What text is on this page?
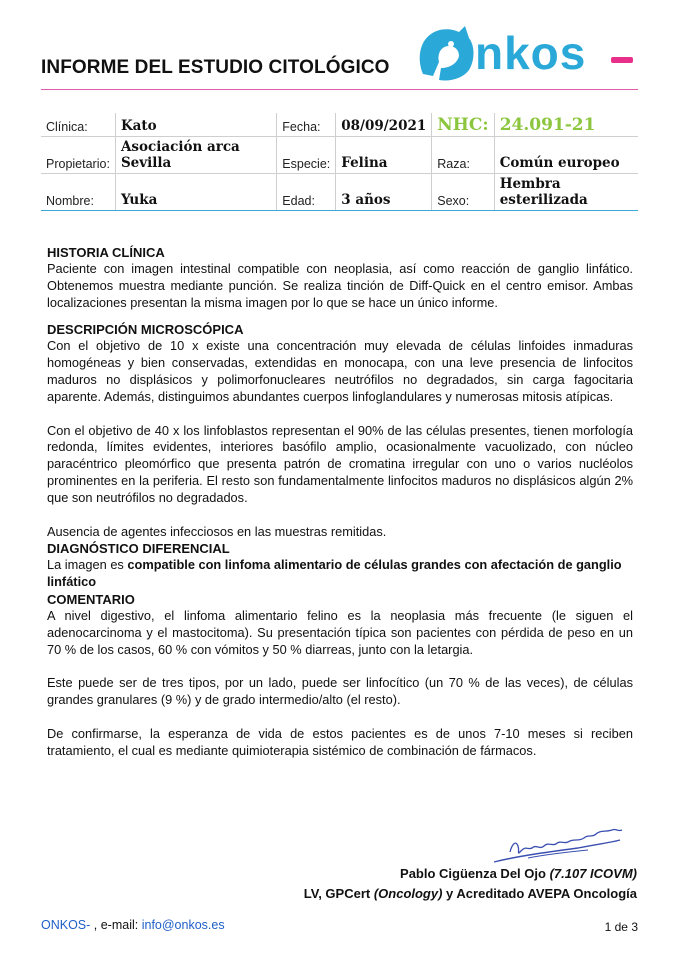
INFORME DEL ESTUDIO CITOLÓGICO nkos
Clínica:	Kato	Fecha:	08/09/2021	NHC:	24.091-21
Propietario:	Asociación arca Sevilla	Especie:	Felina	Raza:	Común europeo
Nombre:	Yuka	Edad:	3 años	Sexo:	Hembra esterilizada
HISTORIA CLÍNICA

Paciente con imagen intestinal compatible con neoplasia, así como reacción de ganglio linfático. Obtenemos muestra mediante punción. Se realiza tinción de Diff-Quick en el centro emisor. Ambas localizaciones presentan la misma imagen por lo que se hace un único informe.

DESCRIPCIÓN MICROSCÓPICA

Con el objetivo de 10 x existe una concentración muy elevada de células linfoides inmaduras homogéneas y bien conservadas, extendidas en monocapa, con una leve presencia de linfocitos maduros no displásicos y polimorfonucleares neutrófilos no degradados, sin carga fagocitaria aparente. Además, distinguimos abundantes cuerpos linfoglandulares y numerosas mitosis atípicas.

Con el objetivo de 40 x los linfoblastos representan el 90% de las células presentes, tienen morfología redonda, límites evidentes, interiores basófilo amplio, ocasionalmente vacuolizado, con núcleo paracéntrico pleomórfico que presenta patrón de cromatina irregular con uno o varios nucléolos prominentes en la periferia. El resto son fundamentalmente linfocitos maduros no displásicos algún 2% que son neutrófilos no degradados.

Ausencia de agentes infecciosos en las muestras remitidas.

DIAGNÓSTICO DIFERENCIAL

La imagen es compatible con linfoma alimentario de células grandes con afectación de ganglio linfático

COMENTARIO

A nivel digestivo, el linfoma alimentario felino es la neoplasia más frecuente (le siguen el adenocarcinoma y el mastocitoma). Su presentación típica son pacientes con pérdida de peso en un 70 % de los casos, 60 % con vómitos y 50 % diarreas, junto con la letargia.

Este puede ser de tres tipos, por un lado, puede ser linfocítico (un 70 % de las veces), de células grandes granulares (9 %) y de grado intermedio/alto (el resto).

De confirmarse, la esperanza de vida de estos pacientes es de unos 7-10 meses si reciben tratamiento, el cual es mediante quimioterapia sistémico de combinación de fármacos.

Pablo Cigüenza Del Ojo (7.107 ICOVM)
LV, GPCert (Oncology) y Acreditado AVEPA Oncología
ONKOS- , e-mail: info@onkos.es	1 de 3
